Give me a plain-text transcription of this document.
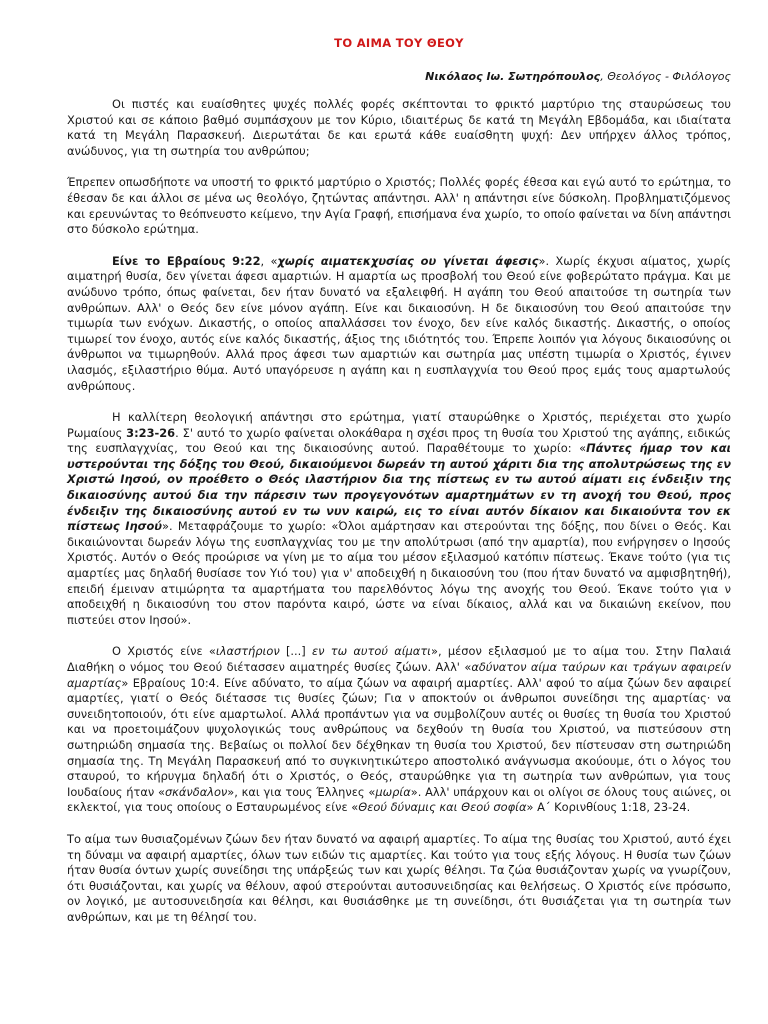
ΤΟ ΑΙΜΑ ΤΟΥ ΘΕΟΥ
Νικόλαος Ιω. Σωτηρόπουλος, Θεολόγος - Φιλόλογος

Οι πιστές και ευαίσθητες ψυχές πολλές φορές σκέπτονται το φρικτό μαρτύριο της σταυρώσεως του Χριστού και σε κάποιο βαθμό συμπάσχουν με τον Κύριο, ιδιαιτέρως δε κατά τη Μεγάλη Εβδομάδα, και ιδιαίτατα κατά τη Μεγάλη Παρασκευή. Διερωτάται δε και ερωτά κάθε ευαίσθητη ψυχή: Δεν υπήρχεν άλλος τρόπος, ανώδυνος, για τη σωτηρία του ανθρώπου;

Έπρεπεν οπωσδήποτε να υποστή το φρικτό μαρτύριο ο Χριστός; Πολλές φορές έθεσα και εγώ αυτό το ερώτημα, το έθεσαν δε και άλλοι σε μένα ως θεολόγο, ζητώντας απάντησι. Αλλ' η απάντησι είνε δύσκολη. Προβληματιζόμενος και ερευνώντας το θεόπνευστο κείμενο, την Αγία Γραφή, επισήμανα ένα χωρίο, το οποίο φαίνεται να δίνη απάντησι στο δύσκολο ερώτημα.

Είνε το Εβραίους 9:22, «χωρίς αιματεκχυσίας ου γίνεται άφεσις». Χωρίς έκχυσι αίματος, χωρίς αιματηρή θυσία, δεν γίνεται άφεσι αμαρτιών. Η αμαρτία ως προσβολή του Θεού είνε φοβερώτατο πράγμα. Και με ανώδυνο τρόπο, όπως φαίνεται, δεν ήταν δυνατό να εξαλειφθή. Η αγάπη του Θεού απαιτούσε τη σωτηρία των ανθρώπων. Αλλ' ο Θεός δεν είνε μόνον αγάπη. Είνε και δικαιοσύνη. Η δε δικαιοσύνη του Θεού απαιτούσε την τιμωρία των ενόχων. Δικαστής, ο οποίος απαλλάσσει τον ένοχο, δεν είνε καλός δικαστής. Δικαστής, ο οποίος τιμωρεί τον ένοχο, αυτός είνε καλός δικαστής, άξιος της ιδιότητός του. Έπρεπε λοιπόν για λόγους δικαιοσύνης οι άνθρωποι να τιμωρηθούν. Αλλά προς άφεσι των αμαρτιών και σωτηρία μας υπέστη τιμωρία ο Χριστός, έγινεν ιλασμός, εξιλαστήριο θύμα. Αυτό υπαγόρευσε η αγάπη και η ευσπλαγχνία του Θεού προς εμάς τους αμαρτωλούς ανθρώπους.

Η καλλίτερη θεολογική απάντησι στο ερώτημα, γιατί σταυρώθηκε ο Χριστός, περιέχεται στο χωρίο Ρωμαίους 3:23-26. Σ' αυτό το χωρίο φαίνεται ολοκάθαρα η σχέσι προς τη θυσία του Χριστού της αγάπης, ειδικώς της ευσπλαγχνίας, του Θεού και της δικαιοσύνης αυτού. Παραθέτουμε το χωρίο: «Πάντες ήμαρ τον και υστερούνται της δόξης του Θεού, δικαιούμενοι δωρεάν τη αυτού χάριτι δια της απολυτρώσεως της εν Χριστώ Ιησού, ον προέθετο ο Θεός ιλαστήριον δια της πίστεως εν τω αυτού αίματι εις ένδειξιν της δικαιοσύνης αυτού δια την πάρεσιν των προγεγονότων αμαρτημάτων εν τη ανοχή του Θεού, προς ένδειξιν της δικαιοσύνης αυτού εν τω νυν καιρώ, εις το είναι αυτόν δίκαιον και δικαιούντα τον εκ πίστεως Ιησού». Μεταφράζουμε το χωρίο: «Όλοι αμάρτησαν και στερούνται της δόξης, που δίνει ο Θεός. Και δικαιώνονται δωρεάν λόγω της ευσπλαγχνίας του με την απολύτρωσι (από την αμαρτία), που ενήργησεν ο Ιησούς Χριστός. Αυτόν ο Θεός προώρισε να γίνη με το αίμα του μέσον εξιλασμού κατόπιν πίστεως. Έκανε τούτο (για τις αμαρτίες μας δηλαδή θυσίασε τον Υιό του) για ν' αποδειχθή η δικαιοσύνη του (που ήταν δυνατό να αμφισβητηθή), επειδή έμειναν ατιμώρητα τα αμαρτήματα του παρελθόντος λόγω της ανοχής του Θεού. Έκανε τούτο για ν αποδειχθή η δικαιοσύνη του στον παρόντα καιρό, ώστε να είναι δίκαιος, αλλά και να δικαιώνη εκείνον, που πιστεύει στον Ιησού».

Ο Χριστός είνε «ιλαστήριον [...] εν τω αυτού αίματι», μέσον εξιλασμού με το αίμα του. Στην Παλαιά Διαθήκη ο νόμος του Θεού διέτασσεν αιματηρές θυσίες ζώων. Αλλ' «αδύνατον αίμα ταύρων και τράγων αφαιρείν αμαρτίας» Εβραίους 10:4. Είνε αδύνατο, το αίμα ζώων να αφαιρή αμαρτίες. Αλλ' αφού το αίμα ζώων δεν αφαιρεί αμαρτίες, γιατί ο Θεός διέτασσε τις θυσίες ζώων; Για ν αποκτούν οι άνθρωποι συνείδησι της αμαρτίας· να συνειδητοποιούν, ότι είνε αμαρτωλοί. Αλλά προπάντων για να συμβολίζουν αυτές οι θυσίες τη θυσία του Χριστού και να προετοιμάζουν ψυχολογικώς τους ανθρώπους να δεχθούν τη θυσία του Χριστού, να πιστεύσουν στη σωτηριώδη σημασία της. Βεβαίως οι πολλοί δεν δέχθηκαν τη θυσία του Χριστού, δεν πίστευσαν στη σωτηριώδη σημασία της. Τη Μεγάλη Παρασκευή από το συγκινητικώτερο αποστολικό ανάγνωσμα ακούουμε, ότι ο λόγος του σταυρού, το κήρυγμα δηλαδή ότι ο Χριστός, ο Θεός, σταυρώθηκε για τη σωτηρία των ανθρώπων, για τους Ιουδαίους ήταν «σκάνδαλον», και για τους Έλληνες «μωρία». Αλλ' υπάρχουν και οι ολίγοι σε όλους τους αιώνες, οι εκλεκτοί, για τους οποίους ο Εσταυρωμένος είνε «Θεού δύναμις και Θεού σοφία» Α΄ Κορινθίους 1:18, 23-24.

Το αίμα των θυσιαζομένων ζώων δεν ήταν δυνατό να αφαιρή αμαρτίες. Το αίμα της θυσίας του Χριστού, αυτό έχει τη δύναμι να αφαιρή αμαρτίες, όλων των ειδών τις αμαρτίες. Και τούτο για τους εξής λόγους. Η θυσία των ζώων ήταν θυσία όντων χωρίς συνείδησι της υπάρξεώς των και χωρίς θέλησι. Τα ζώα θυσιάζονταν χωρίς να γνωρίζουν, ότι θυσιάζονται, και χωρίς να θέλουν, αφού στερούνται αυτοσυνειδησίας και θελήσεως. Ο Χριστός είνε πρόσωπο, ον λογικό, με αυτοσυνειδησία και θέλησι, και θυσιάσθηκε με τη συνείδησι, ότι θυσιάζεται για τη σωτηρία των ανθρώπων, και με τη θέλησί του.
